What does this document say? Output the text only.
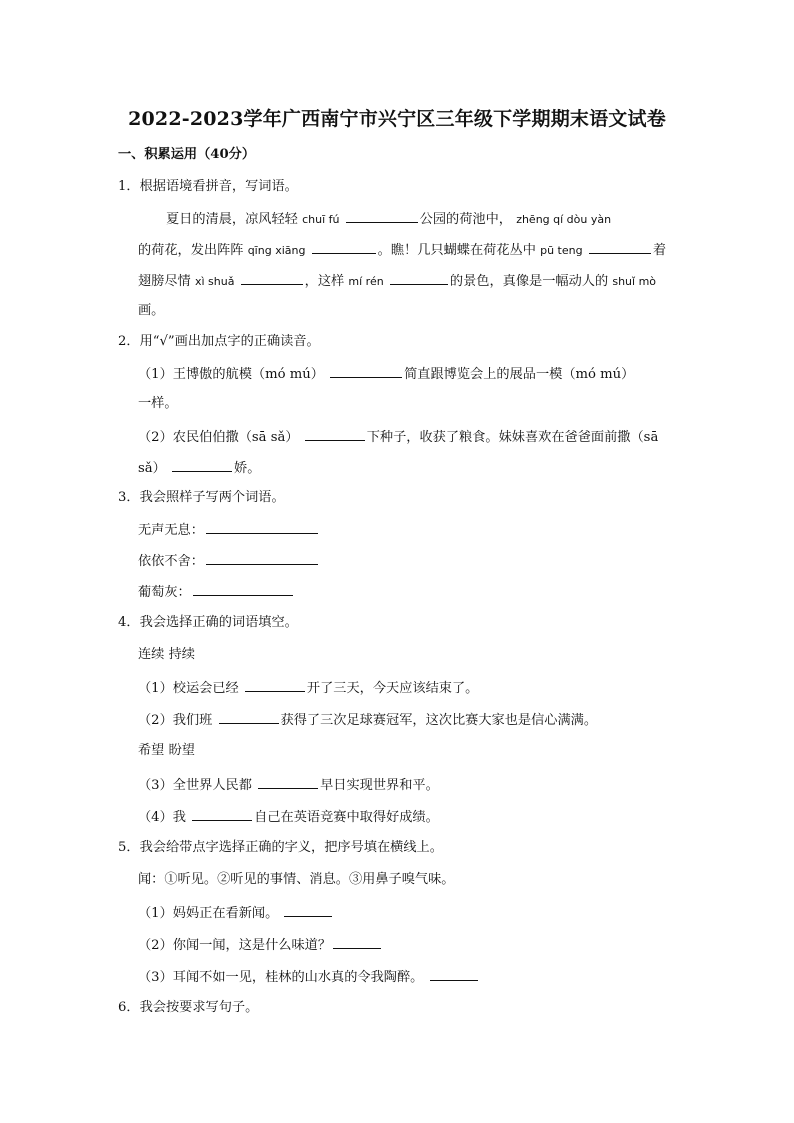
2022-2023学年广西南宁市兴宁区三年级下学期期末语文试卷
一、积累运用（40分）
1．根据语境看拼音，写词语。
夏日的清晨，凉风轻轻 chuī fú	公园的荷池中， zhēng qí dòu yàn
的荷花，发出阵阵 qīng xiāng	。瞧！几只蝴蝶在荷花丛中 pū teng	着
翅膀尽情 xì shuǎ	，这样 mí rén	的景色，真像是一幅动人的 shuǐ mò
画。
2．用“√”画出加点字的正确读音。
（1）王博傲的航模（mó mú）	简直跟博览会上的展品一模（mó mú）
一样。
（2）农民伯伯撒（sā sǎ）	下种子，收获了粮食。妹妹喜欢在爸爸面前撒（sā
sǎ）	娇。
3．我会照样子写两个词语。
无声无息：
依依不舍：
葡萄灰：
4．我会选择正确的词语填空。
连续 持续
（1）校运会已经	开了三天，今天应该结束了。
（2）我们班	获得了三次足球赛冠军，这次比赛大家也是信心满满。
希望 盼望
（3）全世界人民都	早日实现世界和平。
（4）我	自己在英语竞赛中取得好成绩。
5．我会给带点字选择正确的字义，把序号填在横线上。
闻：①听见。②听见的事情、消息。③用鼻子嗅气味。
（1）妈妈正在看新闻。
（2）你闻一闻，这是什么味道？
（3）耳闻不如一见，桂林的山水真的令我陶醉。
6．我会按要求写句子。
